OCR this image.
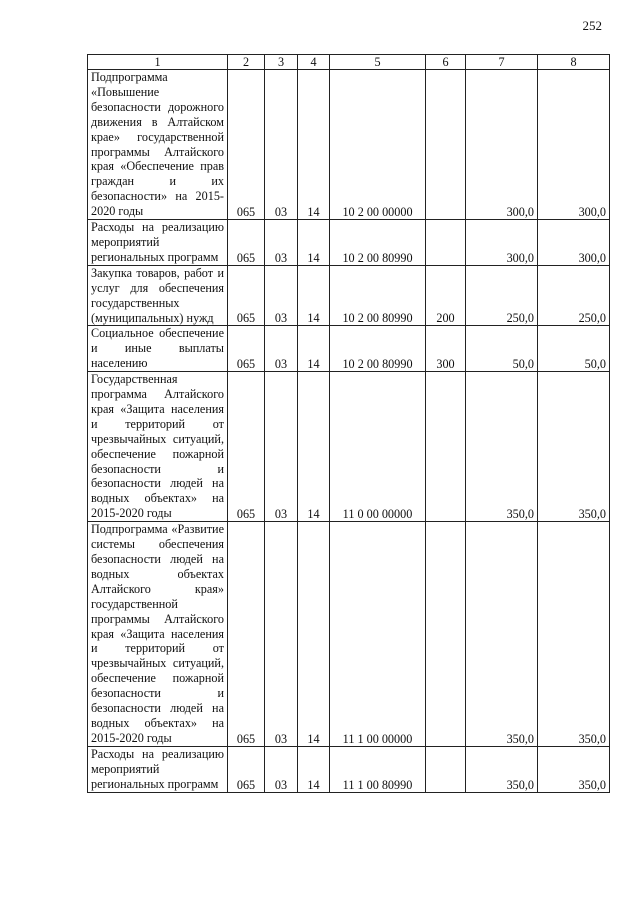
252
1	2	3	4	5	6	7	8
Подпрограмма «Повышение безопасности дорожного движения в Алтайском крае» государственной программы Алтайского края «Обеспечение прав граждан и их безопасности» на 2015-2020 годы	065	03	14	10 2 00 00000		300,0	300,0
Расходы на реализацию мероприятий региональных программ	065	03	14	10 2 00 80990		300,0	300,0
Закупка товаров, работ и услуг для обеспечения государственных (муниципальных) нужд	065	03	14	10 2 00 80990	200	250,0	250,0
Социальное обеспечение и иные выплаты населению	065	03	14	10 2 00 80990	300	50,0	50,0
Государственная программа Алтайского края «Защита населения и территорий от чрезвычайных ситуаций, обеспечение пожарной безопасности и безопасности людей на водных объектах» на 2015-2020 годы	065	03	14	11 0 00 00000		350,0	350,0
Подпрограмма «Развитие системы обеспечения безопасности людей на водных объектах Алтайского края» государственной программы Алтайского края «Защита населения и территорий от чрезвычайных ситуаций, обеспечение пожарной безопасности и безопасности людей на водных объектах» на 2015-2020 годы	065	03	14	11 1 00 00000		350,0	350,0
Расходы на реализацию мероприятий региональных программ	065	03	14	11 1 00 80990		350,0	350,0
